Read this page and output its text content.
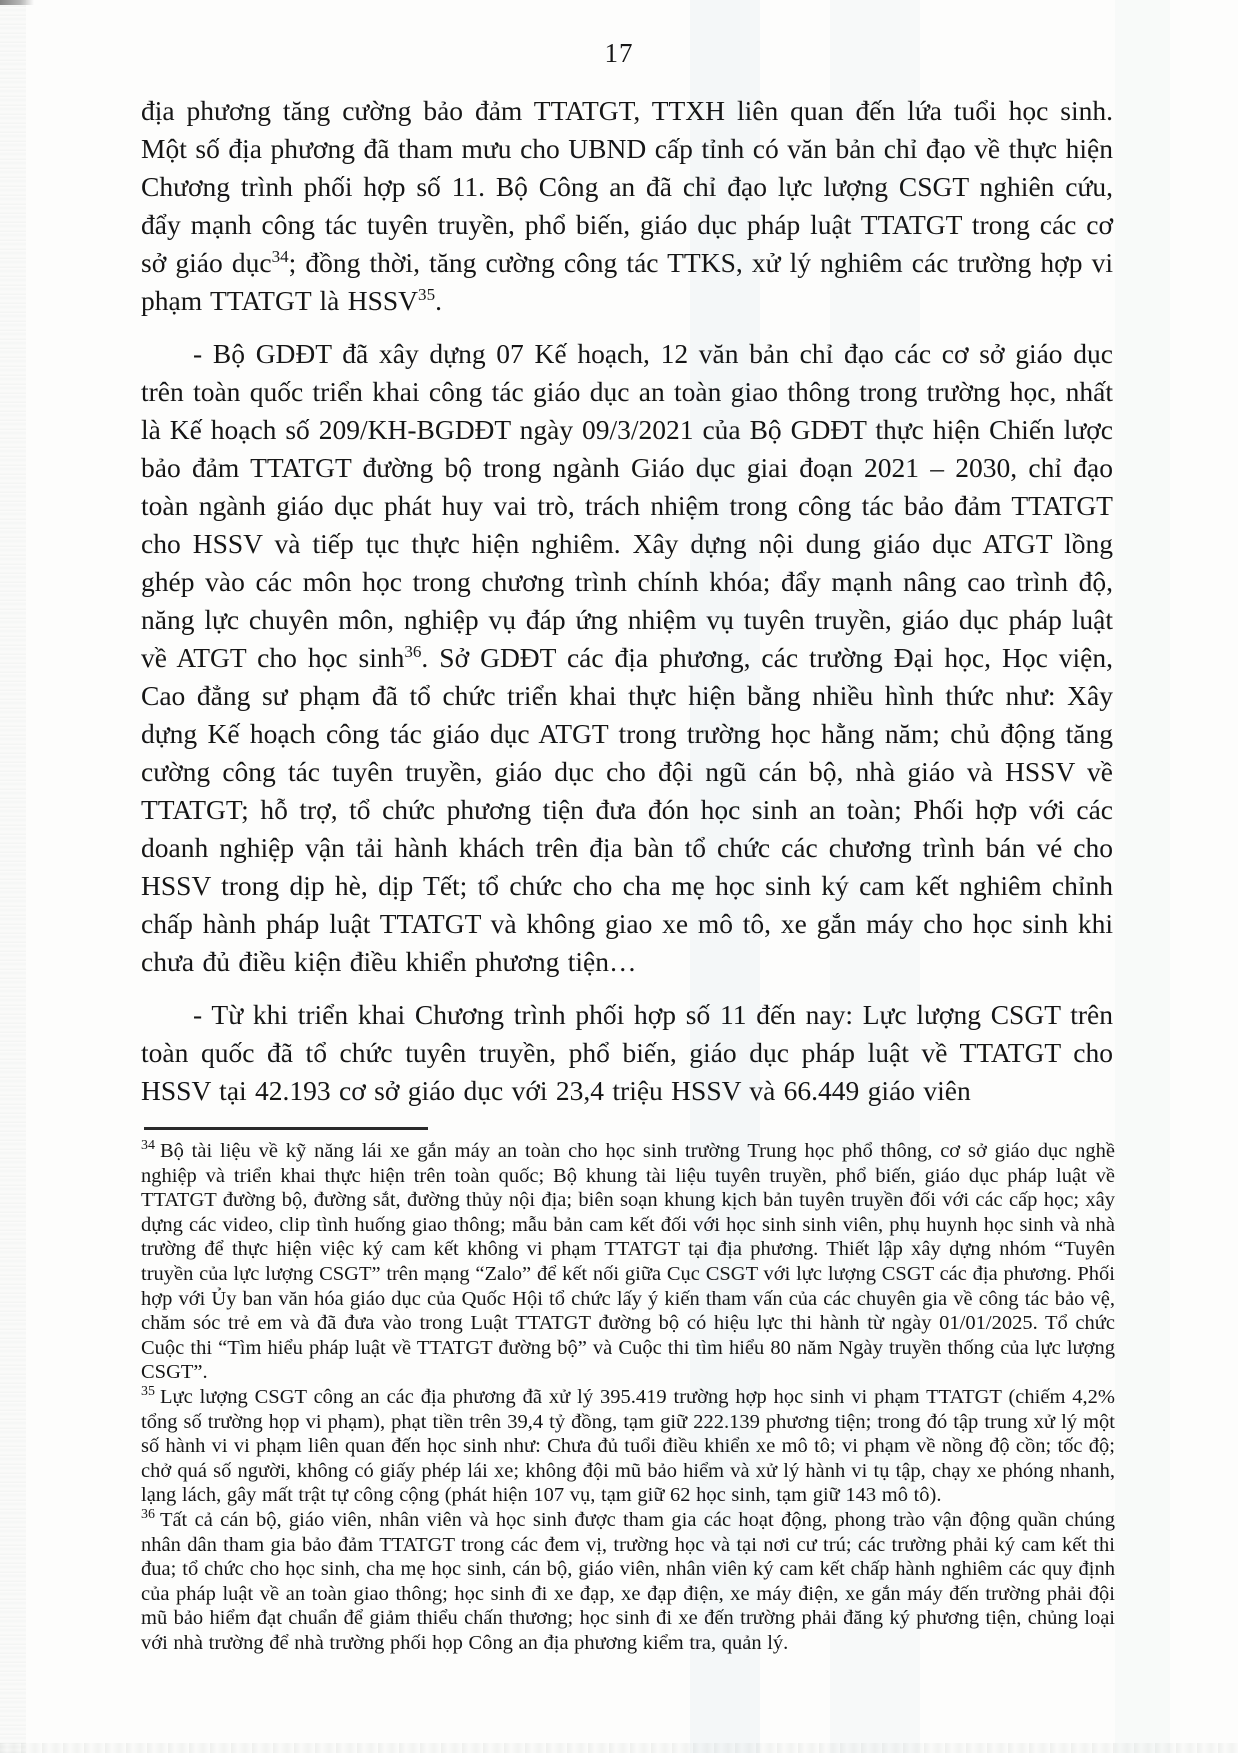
17

địa phương tăng cường bảo đảm TTATGT, TTXH liên quan đến lứa tuổi học sinh. Một số địa phương đã tham mưu cho UBND cấp tỉnh có văn bản chỉ đạo về thực hiện Chương trình phối hợp số 11. Bộ Công an đã chỉ đạo lực lượng CSGT nghiên cứu, đẩy mạnh công tác tuyên truyền, phổ biến, giáo dục pháp luật TTATGT trong các cơ sở giáo dục$^{34}$; đồng thời, tăng cường công tác TTKS, xử lý nghiêm các trường hợp vi phạm TTATGT là HSSV$^{35}$.

- Bộ GDĐT đã xây dựng 07 Kế hoạch, 12 văn bản chỉ đạo các cơ sở giáo dục trên toàn quốc triển khai công tác giáo dục an toàn giao thông trong trường học, nhất là Kế hoạch số 209/KH-BGDĐT ngày 09/3/2021 của Bộ GDĐT thực hiện Chiến lược bảo đảm TTATGT đường bộ trong ngành Giáo dục giai đoạn 2021 – 2030, chỉ đạo toàn ngành giáo dục phát huy vai trò, trách nhiệm trong công tác bảo đảm TTATGT cho HSSV và tiếp tục thực hiện nghiêm. Xây dựng nội dung giáo dục ATGT lồng ghép vào các môn học trong chương trình chính khóa; đẩy mạnh nâng cao trình độ, năng lực chuyên môn, nghiệp vụ đáp ứng nhiệm vụ tuyên truyền, giáo dục pháp luật về ATGT cho học $\sinh^{36}$. Sở GDĐT các địa phương, các trường Đại học, Học viện, Cao đẳng sư phạm đã tổ chức triển khai thực hiện bằng nhiều hình thức như: Xây dựng Kế hoạch công tác giáo dục ATGT trong trường học hằng năm; chủ động tăng cường công tác tuyên truyền, giáo dục cho đội ngũ cán bộ, nhà giáo và HSSV về TTATGT; hỗ trợ, tổ chức phương tiện đưa đón học sinh an toàn; Phối hợp với các doanh nghiệp vận tải hành khách trên địa bàn tổ chức các chương trình bán vé cho HSSV trong dịp hè, dịp Tết; tổ chức cho cha mẹ học sinh ký cam kết nghiêm chỉnh chấp hành pháp luật TTATGT và không giao xe mô tô, xe gắn máy cho học sinh khi chưa đủ điều kiện điều khiển phương tiện…

- Từ khi triển khai Chương trình phối hợp số 11 đến nay: Lực lượng CSGT trên toàn quốc đã tổ chức tuyên truyền, phổ biến, giáo dục pháp luật về TTATGT cho HSSV tại 42.193 cơ sở giáo dục với 23,4 triệu HSSV và 66.449 giáo viên

$^{34}$ Bộ tài liệu về kỹ năng lái xe gắn máy an toàn cho học sinh trường Trung học phổ thông, cơ sở giáo dục nghề nghiệp và triển khai thực hiện trên toàn quốc; Bộ khung tài liệu tuyên truyền, phổ biến, giáo dục pháp luật về TTATGT đường bộ, đường sắt, đường thủy nội địa; biên soạn khung kịch bản tuyên truyền đối với các cấp học; xây dựng các video, clip tình huống giao thông; mẫu bản cam kết đối với học sinh sinh viên, phụ huynh học sinh và nhà trường để thực hiện việc ký cam kết không vi phạm TTATGT tại địa phương. Thiết lập xây dựng nhóm “Tuyên truyền của lực lượng CSGT” trên mạng “Zalo” để kết nối giữa Cục CSGT với lực lượng CSGT các địa phương. Phối hợp với Ủy ban văn hóa giáo dục của Quốc Hội tổ chức lấy ý kiến tham vấn của các chuyên gia về công tác bảo vệ, chăm sóc trẻ em và đã đưa vào trong Luật TTATGT đường bộ có hiệu lực thi hành từ ngày 01/01/2025. Tổ chức Cuộc thi “Tìm hiểu pháp luật về TTATGT đường bộ” và Cuộc thi tìm hiểu 80 năm Ngày truyền thống của lực lượng CSGT”.

$^{35}$ Lực lượng CSGT công an các địa phương đã xử lý 395.419 trường hợp học sinh vi phạm TTATGT (chiếm 4,2% tổng số trường họp vi phạm), phạt tiền trên 39,4 tỷ đồng, tạm giữ 222.139 phương tiện; trong đó tập trung xử lý một số hành vi vi phạm liên quan đến học sinh như: Chưa đủ tuổi điều khiển xe mô tô; vi phạm về nồng độ cồn; tốc độ; chở quá số người, không có giấy phép lái xe; không đội mũ bảo hiểm và xử lý hành vi tụ tập, chạy xe phóng nhanh, lạng lách, gây mất trật tự công cộng (phát hiện 107 vụ, tạm giữ 62 học sinh, tạm giữ 143 mô tô).

$^{36}$ Tất cả cán bộ, giáo viên, nhân viên và học sinh được tham gia các hoạt động, phong trào vận động quần chúng nhân dân tham gia bảo đảm TTATGT trong các đem vị, trường học và tại nơi cư trú; các trường phải ký cam kết thi đua; tổ chức cho học sinh, cha mẹ học sinh, cán bộ, giáo viên, nhân viên ký cam kết chấp hành nghiêm các quy định của pháp luật về an toàn giao thông; học sinh đi xe đạp, xe đạp điện, xe máy điện, xe gắn máy đến trường phải đội mũ bảo hiểm đạt chuẩn để giảm thiểu chấn thương; học sinh đi xe đến trường phải đăng ký phương tiện, chủng loại với nhà trường để nhà trường phối họp Công an địa phương kiểm tra, quản lý.
